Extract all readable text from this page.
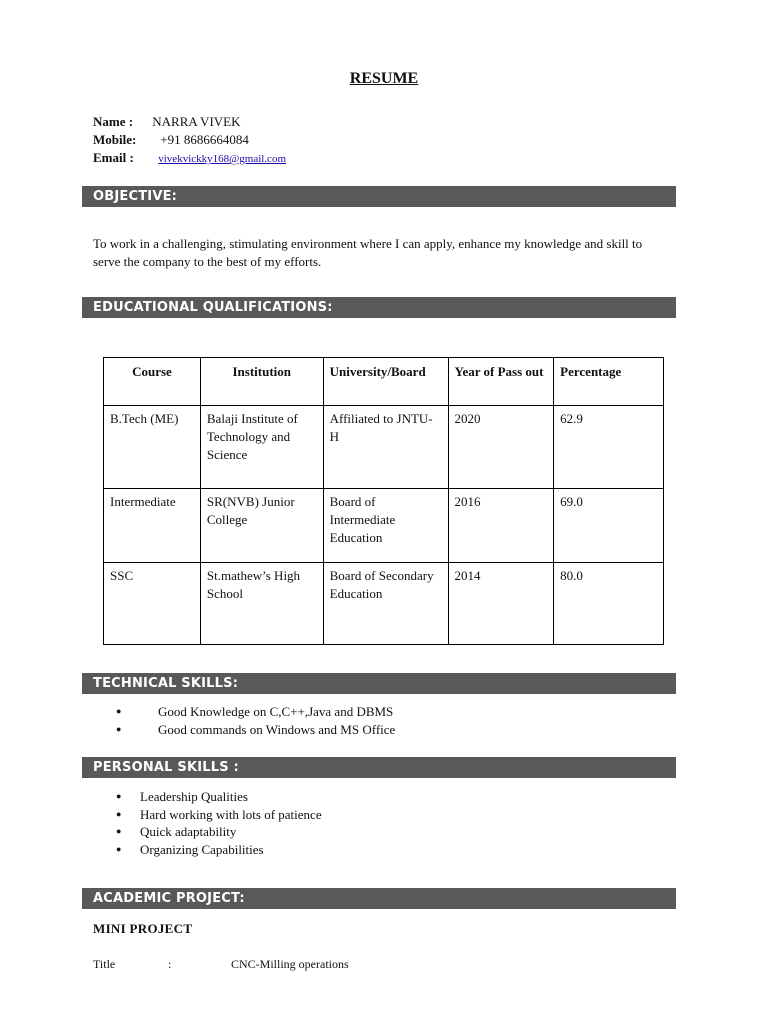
RESUME
Name : NARRA VIVEK
Mobile: +91 8686664084
Email : vivekvickky168@gmail.com
OBJECTIVE:
To work in a challenging, stimulating environment where I can apply, enhance my knowledge and skill to serve the company to the best of my efforts.
EDUCATIONAL QUALIFICATIONS:
Course	Institution	University/Board	Year of Pass out	Percentage
B.Tech (ME)	Balaji Institute of Technology and Science	Affiliated to JNTU-H	2020	62.9
Intermediate	SR(NVB) Junior College	Board of Intermediate Education	2016	69.0
SSC	St.mathew’s High School	Board of Secondary Education	2014	80.0
TECHNICAL SKILLS:
● Good Knowledge on C,C++,Java and DBMS
● Good commands on Windows and MS Office
PERSONAL SKILLS :
● Leadership Qualities
● Hard working with lots of patience
● Quick adaptability
● Organizing Capabilities
ACADEMIC PROJECT:
MINI PROJECT
Title	:	CNC-Milling operations
